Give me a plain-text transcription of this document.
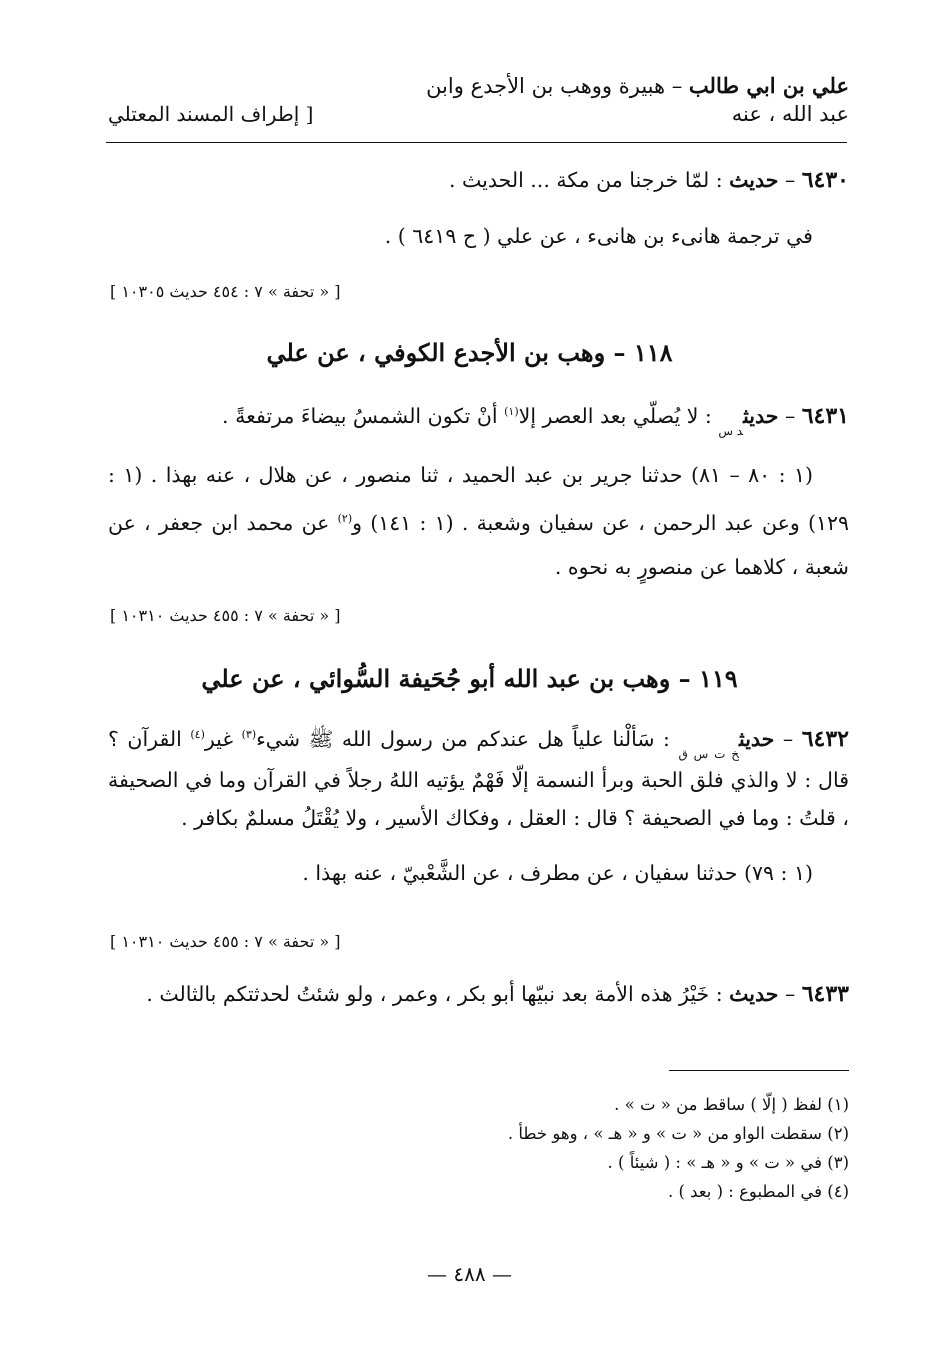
علي بن ابي طالب – هبيرة ووهب بن الأجدع وابن
عبد الله ، عنه
[ إطراف المسند المعتلي

٦٤٣٠ – حديث : لمّا خرجنا من مكة ... الحديث .

في ترجمة هانىء بن هانىء ، عن علي ( ح ٦٤١٩ ) .

[ « تحفة » ٧ : ٤٥٤ حديث ١٠٣٠٥ ]
١١٨ – وهب بن الأجدع الكوفي ، عن علي

٦٤٣١ – حديث$_{د س}$ : لا يُصلّي بعد العصر إلا$^{(١)}$ أنْ تكون الشمسُ بيضاءَ مرتفعةً .

(١ : ٨٠ – ٨١) حدثنا جرير بن عبد الحميد ، ثنا منصور ، عن هلال ، عنه بهذا . (١ : ١٢٩) وعن عبد الرحمن ، عن سفيان وشعبة . (١ : ١٤١) و$^{(٢)}$ عن محمد ابن جعفر ، عن شعبة ، كلاهما عن منصورٍ به نحوه .

[ « تحفة » ٧ : ٤٥٥ حديث ١٠٣١٠ ]
١١٩ – وهب بن عبد الله أبو جُحَيفة السُّوائي ، عن علي

٦٤٣٢ – حديث$_{خ ت س ق}$ : سَألْنا علياً هل عندكم من رسول الله ﷺ شيء$^{(٣)}$ غير$^{(٤)}$ القرآن ؟ قال : لا والذي فلق الحبة وبرأ النسمة إلّا فَهْمٌ يؤتيه اللهُ رجلاً في القرآن وما في الصحيفة ، قلتُ : وما في الصحيفة ؟ قال : العقل ، وفكاك الأسير ، ولا يُقْتَلُ مسلمٌ بكافر .

(١ : ٧٩) حدثنا سفيان ، عن مطرف ، عن الشَّعْبيّ ، عنه بهذا .

[ « تحفة » ٧ : ٤٥٥ حديث ١٠٣١٠ ]

٦٤٣٣ – حديث : خَيْرُ هذه الأمة بعد نبيّها أبو بكر ، وعمر ، ولو شئتُ لحدثتكم بالثالث .

(١) لفظ ( إلّا ) ساقط من « ت » .

(٢) سقطت الواو من « ت » و « هـ » ، وهو خطأ .

(٣) في « ت » و « هـ » : ( شيئاً ) .

(٤) في المطبوع : ( بعد ) .

— ٤٨٨ —
